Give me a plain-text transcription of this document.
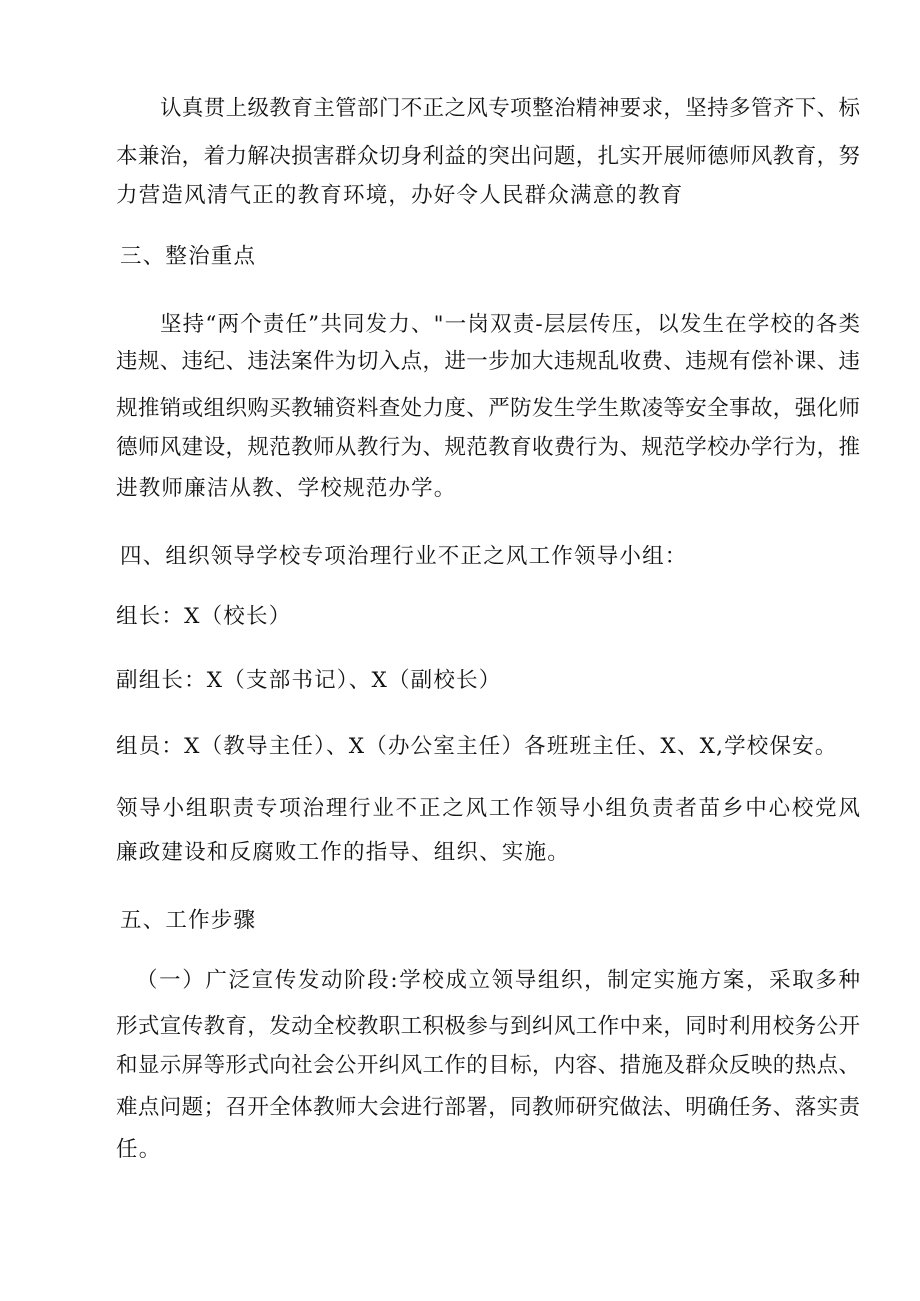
认真贯上级教育主管部门不正之风专项整治精神要求，坚持多管齐下、标
本兼治，着力解决损害群众切身利益的突出问题，扎实开展师德师风教育，努
力营造风清气正的教育环境，办好令人民群众满意的教育
三、整治重点
坚持“两个责任”共同发力、"一岗双责-层层传压，以发生在学校的各类
违规、违纪、违法案件为切入点，进一步加大违规乱收费、违规有偿补课、违
规推销或组织购买教辅资料查处力度、严防发生学生欺凌等安全事故，强化师
德师风建设，规范教师从教行为、规范教育收费行为、规范学校办学行为，推
进教师廉洁从教、学校规范办学。
四、组织领导学校专项治理行业不正之风工作领导小组：
组长：X（校长）
副组长：X（支部书记）、X（副校长）
组员：X（教导主任）、X（办公室主任）各班班主任、X、X,学校保安。
领导小组职责专项治理行业不正之风工作领导小组负责者苗乡中心校党风
廉政建设和反腐败工作的指导、组织、实施。
五、工作步骤
（一）广泛宣传发动阶段:学校成立领导组织，制定实施方案，采取多种
形式宣传教育，发动全校教职工积极参与到纠风工作中来，同时利用校务公开
和显示屏等形式向社会公开纠风工作的目标，内容、措施及群众反映的热点、
难点问题；召开全体教师大会进行部署，同教师研究做法、明确任务、落实责
任。
